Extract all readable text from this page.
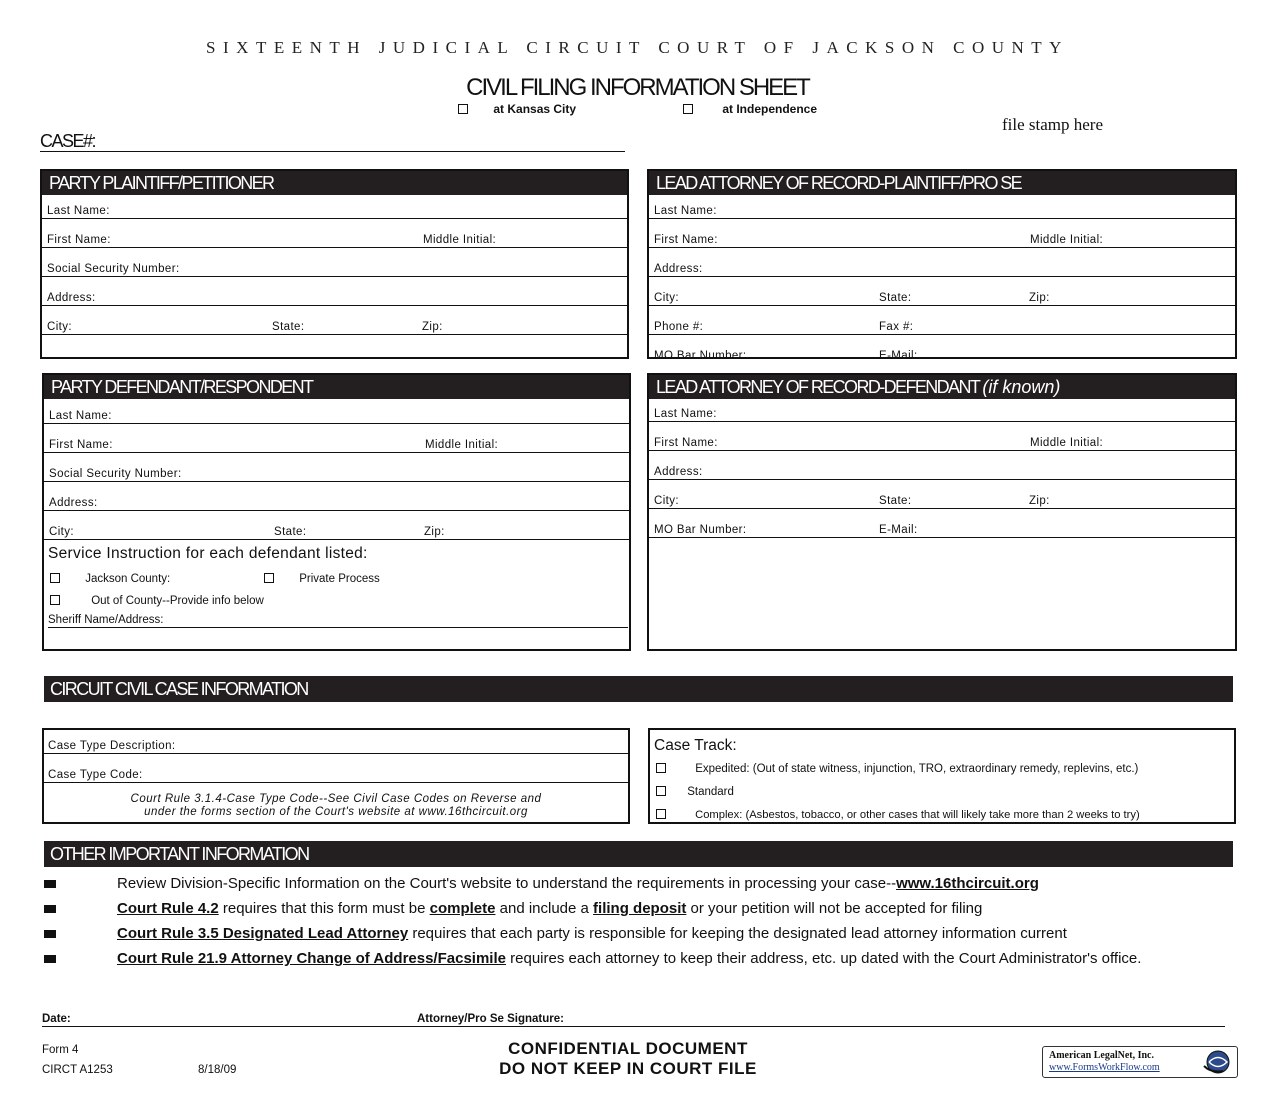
SIXTEENTH JUDICIAL CIRCUIT COURT OF JACKSON COUNTY
CIVIL FILING INFORMATION SHEET
at Kansas City	at Independence
file stamp here
CASE#:
PARTY PLAINTIFF/PETITIONER
Last Name:
First Name:	Middle Initial:
Social Security Number:
Address:
City:	State:	Zip:
LEAD ATTORNEY OF RECORD-PLAINTIFF/PRO SE
Last Name:
First Name:	Middle Initial:
Address:
City:	State:	Zip:
Phone #:	Fax #:
MO Bar Number:	E-Mail:
PARTY DEFENDANT/RESPONDENT
Last Name:
First Name:	Middle Initial:
Social Security Number:
Address:
City:	State:	Zip:
Service Instruction for each defendant listed:
Jackson County:	Private Process
Out of County--Provide info below
Sheriff Name/Address:
LEAD ATTORNEY OF RECORD-DEFENDANT (if known)
Last Name:
First Name:	Middle Initial:
Address:
City:	State:	Zip:
MO Bar Number:	E-Mail:
CIRCUIT CIVIL CASE INFORMATION
Case Type Description:
Case Type Code:
Court Rule 3.1.4-Case Type Code--See Civil Case Codes on Reverse and
under the forms section of the Court's website at www.16thcircuit.org
Case Track:
Expedited: (Out of state witness, injunction, TRO, extraordinary remedy, replevins, etc.)
Standard
Complex: (Asbestos, tobacco, or other cases that will likely take more than 2 weeks to try)
OTHER IMPORTANT INFORMATION
Review Division-Specific Information on the Court's website to understand the requirements in processing your case--www.16thcircuit.org
Court Rule 4.2 requires that this form must be complete and include a filing deposit or your petition will not be accepted for filing
Court Rule 3.5 Designated Lead Attorney requires that each party is responsible for keeping the designated lead attorney information current
Court Rule 21.9 Attorney Change of Address/Facsimile requires each attorney to keep their address, etc. up dated with the Court Administrator's office.
Date:	Attorney/Pro Se Signature:
Form 4
CIRCT A1253	8/18/09
CONFIDENTIAL DOCUMENT
DO NOT KEEP IN COURT FILE
American LegalNet, Inc.
www.FormsWorkFlow.com
